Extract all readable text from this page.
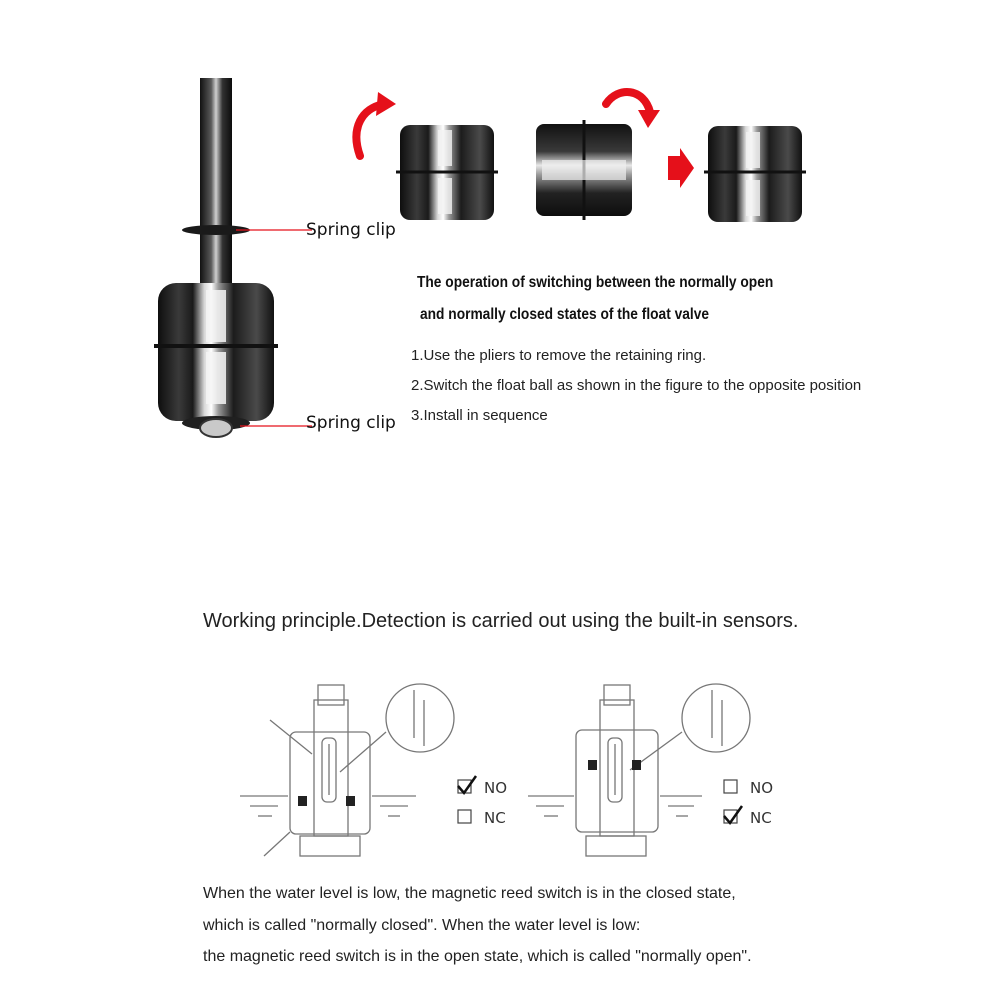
Spring clip
Spring clip
The operation of switching between the normally open
and normally closed states of the float valve
1.Use the pliers to remove the retaining ring.
2.Switch the float ball as shown in the figure to the opposite position
3.Install in sequence
Working principle.Detection is carried out using the built-in sensors.
NO
NC
NO
NC
When the water level is low, the magnetic reed switch is in the closed state,
which is called "normally closed". When the water level is low:
the magnetic reed switch is in the open state, which is called "normally open".
